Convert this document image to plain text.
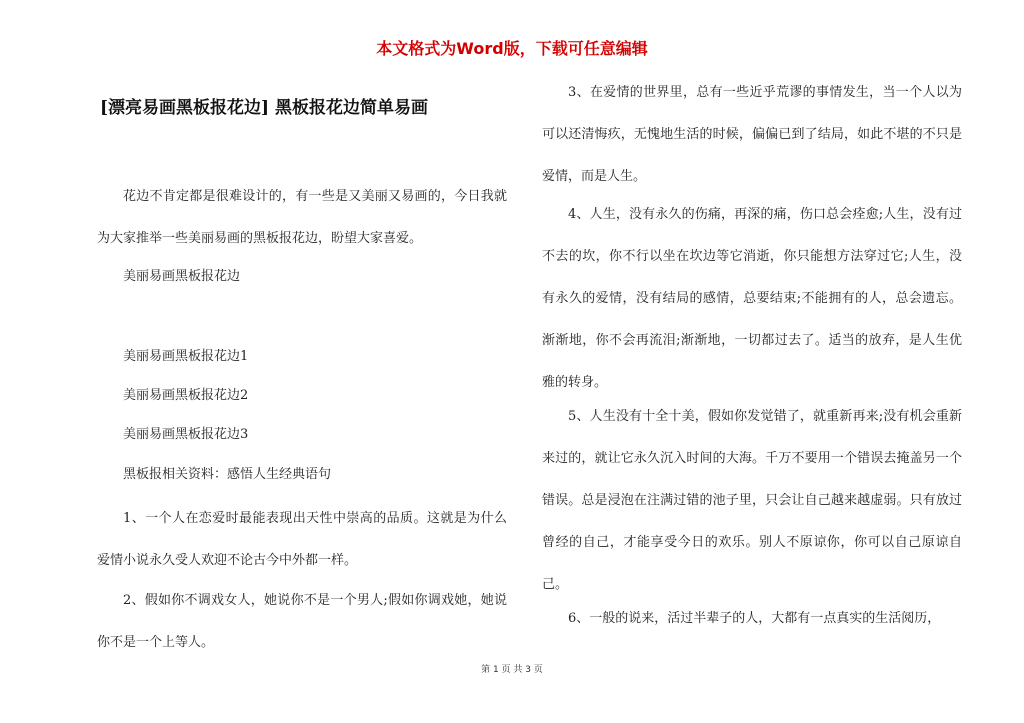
本文格式为Word版，下载可任意编辑
[漂亮易画黑板报花边] 黑板报花边简单易画

花边不肯定都是很难设计的，有一些是又美丽又易画的，今日我就为大家推举一些美丽易画的黑板报花边，盼望大家喜爱。

美丽易画黑板报花边

美丽易画黑板报花边1

美丽易画黑板报花边2

美丽易画黑板报花边3

黑板报相关资料：感悟人生经典语句

1、一个人在恋爱时最能表现出天性中崇高的品质。这就是为什么爱情小说永久受人欢迎不论古今中外都一样。

2、假如你不调戏女人，她说你不是一个男人;假如你调戏她，她说你不是一个上等人。

3、在爱情的世界里，总有一些近乎荒谬的事情发生，当一个人以为可以还清悔疚，无愧地生活的时候，偏偏已到了结局，如此不堪的不只是爱情，而是人生。

4、人生，没有永久的伤痛，再深的痛，伤口总会痊愈;人生，没有过不去的坎，你不行以坐在坎边等它消逝，你只能想方法穿过它;人生，没有永久的爱情，没有结局的感情，总要结束;不能拥有的人，总会遗忘。渐渐地，你不会再流泪;渐渐地，一切都过去了。适当的放弃，是人生优雅的转身。

5、人生没有十全十美，假如你发觉错了，就重新再来;没有机会重新来过的，就让它永久沉入时间的大海。千万不要用一个错误去掩盖另一个错误。总是浸泡在注满过错的池子里，只会让自己越来越虚弱。只有放过曾经的自己，才能享受今日的欢乐。别人不原谅你，你可以自己原谅自己。

6、一般的说来，活过半辈子的人，大都有一点真实的生活阅历，

第 1 页 共 3 页
